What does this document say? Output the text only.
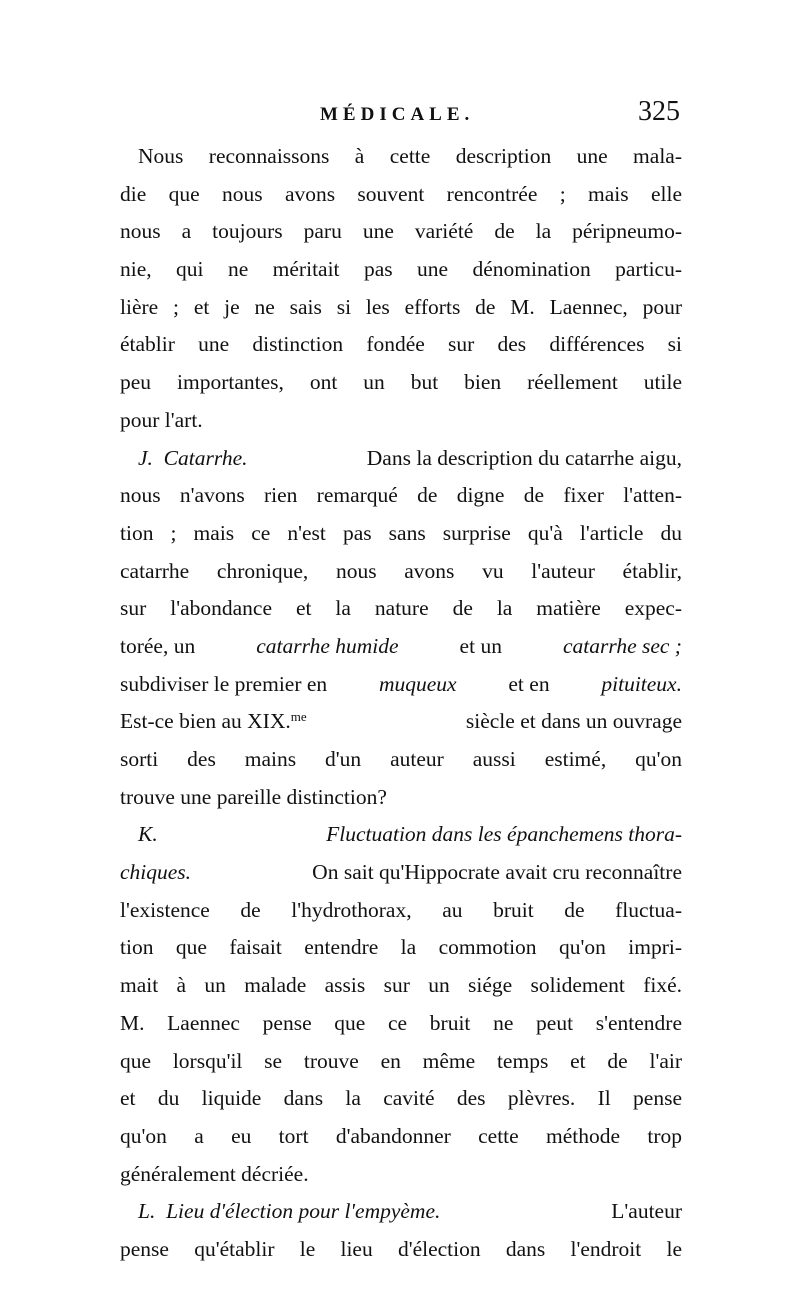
MÉDICALE.	325
Nous reconnaissons à cette description une mala-
die que nous avons souvent rencontrée ; mais elle
nous a toujours paru une variété de la péripneumo-
nie, qui ne méritait pas une dénomination particu-
lière ; et je ne sais si les efforts de M. Laennec, pour
établir une distinction fondée sur des différences si
peu importantes, ont un but bien réellement utile
pour l'art.
J. Catarrhe.	Dans la description du catarrhe aigu,
nous n'avons rien remarqué de digne de fixer l'atten-
tion ; mais ce n'est pas sans surprise qu'à l'article du
catarrhe chronique, nous avons vu l'auteur établir,
sur l'abondance et la nature de la matière expec-
torée, un	catarrhe humide	et un	catarrhe sec ;
subdiviser le premier en muqueux et en pituiteux.
Est-ce bien au XIX.$^{me}$	siècle et dans un ouvrage
sorti des mains d'un auteur aussi estimé, qu'on
trouve une pareille distinction?
K.	Fluctuation dans les épanchemens thora-
chiques.	On sait qu'Hippocrate avait cru reconnaître
l'existence de l'hydrothorax, au bruit de fluctua-
tion que faisait entendre la commotion qu'on impri-
mait à un malade assis sur un siége solidement fixé.
M. Laennec pense que ce bruit ne peut s'entendre
que lorsqu'il se trouve en même temps et de l'air
et du liquide dans la cavité des plèvres. Il pense
qu'on a eu tort d'abandonner cette méthode trop
généralement décriée.
L. Lieu d'élection pour l'empyème.	L'auteur
pense qu'établir le lieu d'élection dans l'endroit le
